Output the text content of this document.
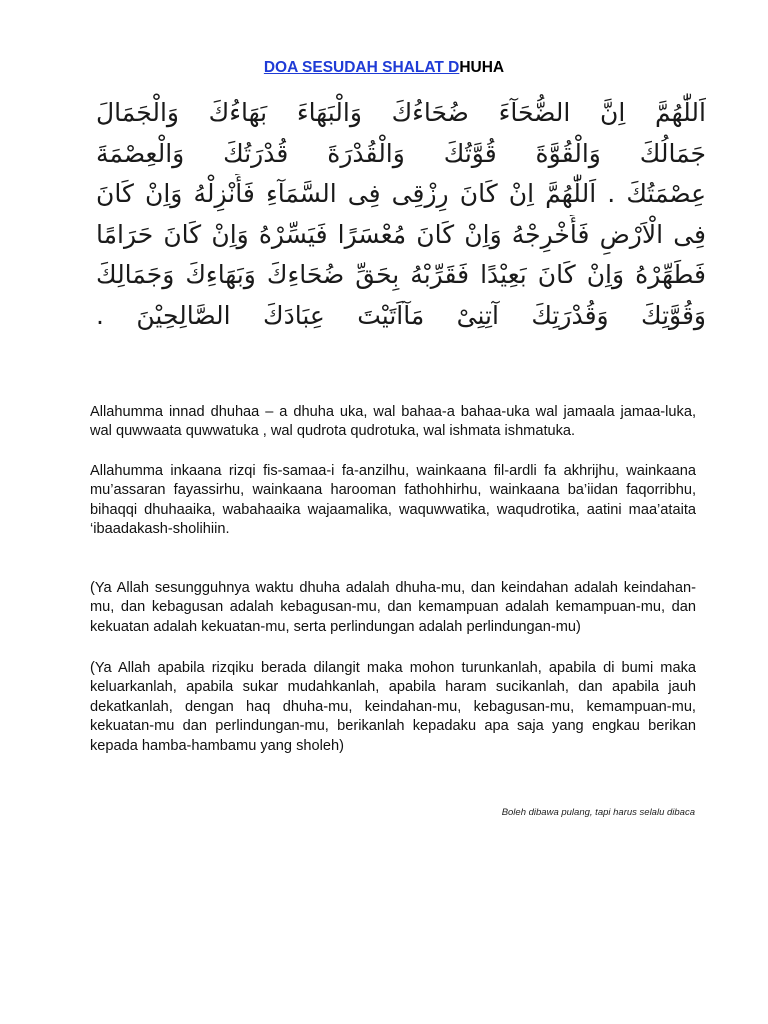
DOA SESUDAH SHALAT DHUHA
اَللّٰهُمَّ اِنَّ الضُّحَآءَ ضُحَاءُكَ وَالْبَهَاءَ بَهَاءُكَ وَالْجَمَالَ
جَمَالُكَ وَالْقُوَّةَ قُوَّتُكَ وَالْقُدْرَةَ قُدْرَتُكَ وَالْعِصْمَةَ
عِصْمَتُكَ . اَللّٰهُمَّ اِنْ كَانَ رِزْقِى فِى السَّمَآءِ فَأَنْزِلْهُ وَاِنْ كَانَ
فِى الْاَرْضِ فَأَخْرِجْهُ وَاِنْ كَانَ مُعْسَرًا فَيَسِّرْهُ وَاِنْ كَانَ حَرَامًا
فَطَهِّرْهُ وَاِنْ كَانَ بَعِيْدًا فَقَرِّبْهُ بِحَقِّ ضُحَاءِكَ وَبَهَاءِكَ وَجَمَالِكَ
وَقُوَّتِكَ وَقُدْرَتِكَ آتِنِىْ مَآاَتَيْتَ عِبَادَكَ الصَّالِحِيْنَ .

Allahumma innad dhuhaa – a dhuha uka, wal bahaa-a bahaa-uka wal jamaala jamaa-luka, wal quwwaata quwwatuka , wal qudrota qudrotuka, wal ishmata ishmatuka.

Allahumma inkaana rizqi fis-samaa-i fa-anzilhu, wainkaana fil-ardli fa akhrijhu, wainkaana mu’assaran fayassirhu, wainkaana harooman fathohhirhu, wainkaana ba’iidan faqorribhu, bihaqqi dhuhaaika, wabahaaika wajaamalika, waquwwatika, waqudrotika, aatini maa’ataita ‘ibaadakash-sholihiin.

(Ya Allah sesungguhnya waktu dhuha adalah dhuha-mu, dan keindahan adalah keindahan-mu, dan kebagusan adalah kebagusan-mu, dan kemampuan adalah kemampuan-mu, dan kekuatan adalah kekuatan-mu, serta perlindungan adalah perlindungan-mu)

(Ya Allah apabila rizqiku berada dilangit maka mohon turunkanlah, apabila di bumi maka keluarkanlah, apabila sukar mudahkanlah, apabila haram sucikanlah, dan apabila jauh dekatkanlah, dengan haq dhuha-mu, keindahan-mu, kebagusan-mu, kemampuan-mu, kekuatan-mu dan perlindungan-mu, berikanlah kepadaku apa saja yang engkau berikan kepada hamba-hambamu yang sholeh)

Boleh dibawa pulang, tapi harus selalu dibaca
